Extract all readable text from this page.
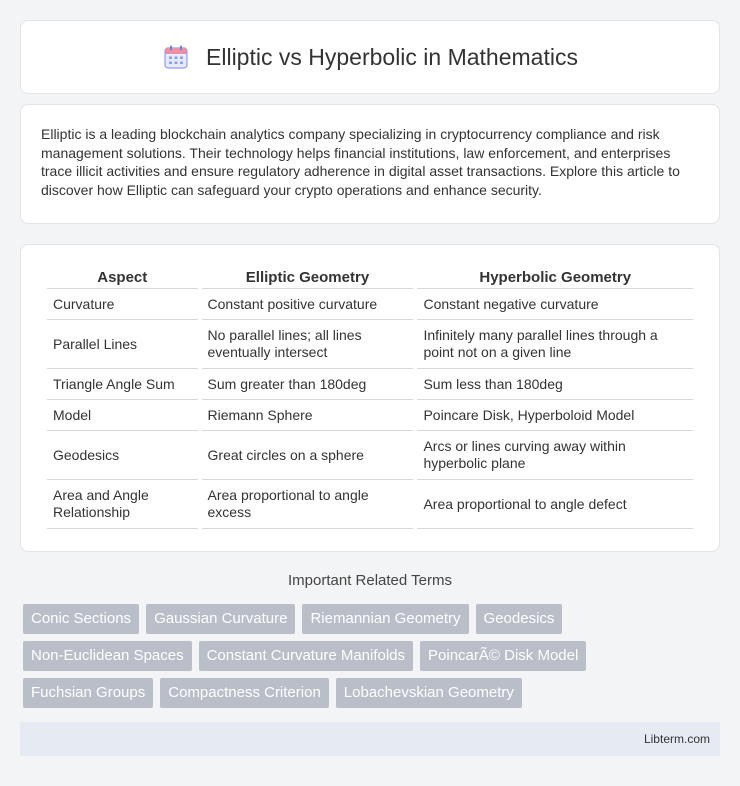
Elliptic vs Hyperbolic in Mathematics

Elliptic is a leading blockchain analytics company specializing in cryptocurrency compliance and risk management solutions. Their technology helps financial institutions, law enforcement, and enterprises trace illicit activities and ensure regulatory adherence in digital asset transactions. Explore this article to discover how Elliptic can safeguard your crypto operations and enhance security.

Aspect	Elliptic Geometry	Hyperbolic Geometry
Curvature	Constant positive curvature	Constant negative curvature
Parallel Lines	No parallel lines; all lines eventually intersect	Infinitely many parallel lines through a point not on a given line
Triangle Angle Sum	Sum greater than 180deg	Sum less than 180deg
Model	Riemann Sphere	Poincare Disk, Hyperboloid Model
Geodesics	Great circles on a sphere	Arcs or lines curving away within hyperbolic plane
Area and Angle Relationship	Area proportional to angle excess	Area proportional to angle defect
Important Related Terms
Conic Sections	Gaussian Curvature	Riemannian Geometry	Geodesics
Non-Euclidean Spaces	Constant Curvature Manifolds	PoincarÃ© Disk Model
Fuchsian Groups	Compactness Criterion	Lobachevskian Geometry
Libterm.com
